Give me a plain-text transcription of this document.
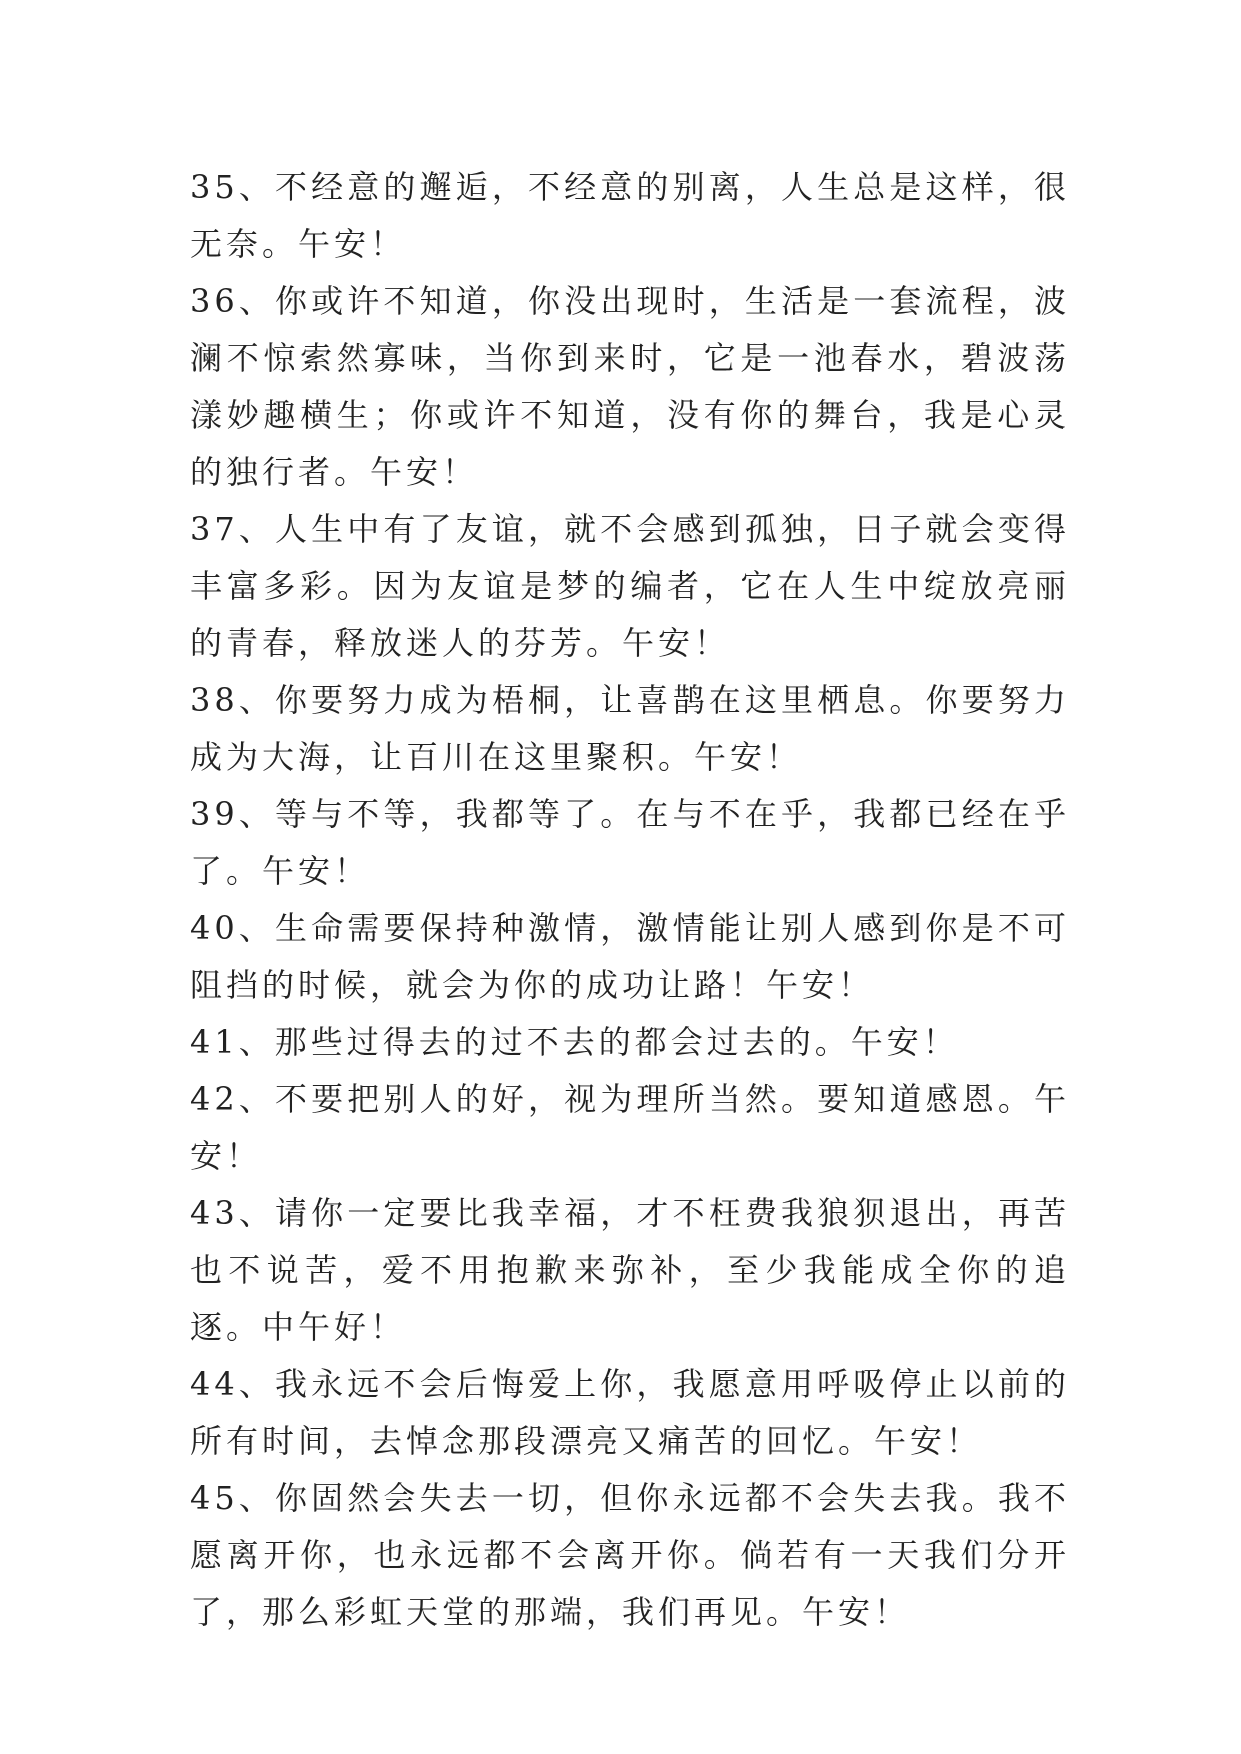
35、不经意的邂逅，不经意的别离，人生总是这样，很无奈。午安！

36、你或许不知道，你没出现时，生活是一套流程，波澜不惊索然寡味，当你到来时，它是一池春水，碧波荡漾妙趣横生；你或许不知道，没有你的舞台，我是心灵的独行者。午安！

37、人生中有了友谊，就不会感到孤独，日子就会变得丰富多彩。因为友谊是梦的编者，它在人生中绽放亮丽的青春，释放迷人的芬芳。午安！

38、你要努力成为梧桐，让喜鹊在这里栖息。你要努力成为大海，让百川在这里聚积。午安！

39、等与不等，我都等了。在与不在乎，我都已经在乎了。午安！

40、生命需要保持种激情，激情能让别人感到你是不可阻挡的时候，就会为你的成功让路！午安！

41、那些过得去的过不去的都会过去的。午安！

42、不要把别人的好，视为理所当然。要知道感恩。午安！

43、请你一定要比我幸福，才不枉费我狼狈退出，再苦也不说苦，爱不用抱歉来弥补，至少我能成全你的追逐。中午好！

44、我永远不会后悔爱上你，我愿意用呼吸停止以前的所有时间，去悼念那段漂亮又痛苦的回忆。午安！

45、你固然会失去一切，但你永远都不会失去我。我不愿离开你，也永远都不会离开你。倘若有一天我们分开了，那么彩虹天堂的那端，我们再见。午安！
